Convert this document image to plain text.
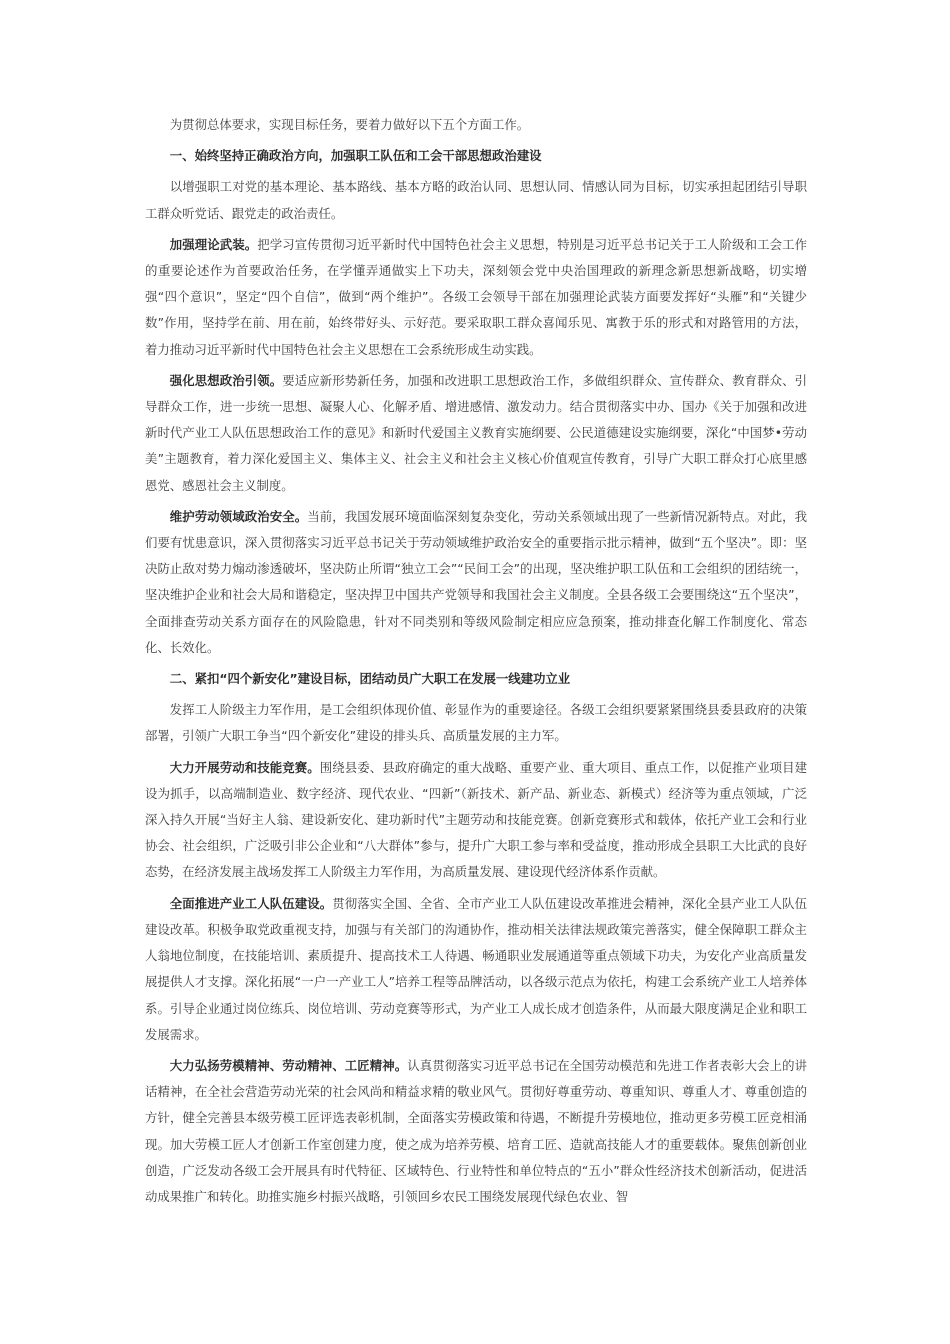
为贯彻总体要求，实现目标任务，要着力做好以下五个方面工作。

一、始终坚持正确政治方向，加强职工队伍和工会干部思想政治建设

以增强职工对党的基本理论、基本路线、基本方略的政治认同、思想认同、情感认同为目标，切实承担起团结引导职工群众听党话、跟党走的政治责任。

加强理论武装。把学习宣传贯彻习近平新时代中国特色社会主义思想，特别是习近平总书记关于工人阶级和工会工作的重要论述作为首要政治任务，在学懂弄通做实上下功夫，深刻领会党中央治国理政的新理念新思想新战略，切实增强“四个意识”，坚定“四个自信”，做到“两个维护”。各级工会领导干部在加强理论武装方面要发挥好“头雁”和“关键少数”作用，坚持学在前、用在前，始终带好头、示好范。要采取职工群众喜闻乐见、寓教于乐的形式和对路管用的方法，着力推动习近平新时代中国特色社会主义思想在工会系统形成生动实践。

强化思想政治引领。要适应新形势新任务，加强和改进职工思想政治工作，多做组织群众、宣传群众、教育群众、引导群众工作，进一步统一思想、凝聚人心、化解矛盾、增进感情、激发动力。结合贯彻落实中办、国办《关于加强和改进新时代产业工人队伍思想政治工作的意见》和新时代爱国主义教育实施纲要、公民道德建设实施纲要，深化“中国梦•劳动美”主题教育，着力深化爱国主义、集体主义、社会主义和社会主义核心价值观宣传教育，引导广大职工群众打心底里感恩党、感恩社会主义制度。

维护劳动领域政治安全。当前，我国发展环境面临深刻复杂变化，劳动关系领域出现了一些新情况新特点。对此，我们要有忧患意识，深入贯彻落实习近平总书记关于劳动领域维护政治安全的重要指示批示精神，做到“五个坚决”。即：坚决防止敌对势力煽动渗透破坏，坚决防止所谓“独立工会”“民间工会”的出现，坚决维护职工队伍和工会组织的团结统一，坚决维护企业和社会大局和谐稳定，坚决捍卫中国共产党领导和我国社会主义制度。全县各级工会要围绕这“五个坚决”，全面排查劳动关系方面存在的风险隐患，针对不同类别和等级风险制定相应应急预案，推动排查化解工作制度化、常态化、长效化。

二、紧扣“四个新安化”建设目标，团结动员广大职工在发展一线建功立业

发挥工人阶级主力军作用，是工会组织体现价值、彰显作为的重要途径。各级工会组织要紧紧围绕县委县政府的决策部署，引领广大职工争当“四个新安化”建设的排头兵、高质量发展的主力军。

大力开展劳动和技能竞赛。围绕县委、县政府确定的重大战略、重要产业、重大项目、重点工作，以促推产业项目建设为抓手，以高端制造业、数字经济、现代农业、“四新”（新技术、新产品、新业态、新模式）经济等为重点领域，广泛深入持久开展“当好主人翁、建设新安化、建功新时代”主题劳动和技能竞赛。创新竞赛形式和载体，依托产业工会和行业协会、社会组织，广泛吸引非公企业和“八大群体”参与，提升广大职工参与率和受益度，推动形成全县职工大比武的良好态势，在经济发展主战场发挥工人阶级主力军作用，为高质量发展、建设现代经济体系作贡献。

全面推进产业工人队伍建设。贯彻落实全国、全省、全市产业工人队伍建设改革推进会精神，深化全县产业工人队伍建设改革。积极争取党政重视支持，加强与有关部门的沟通协作，推动相关法律法规政策完善落实，健全保障职工群众主人翁地位制度，在技能培训、素质提升、提高技术工人待遇、畅通职业发展通道等重点领域下功夫，为安化产业高质量发展提供人才支撑。深化拓展“一户一产业工人”培养工程等品牌活动，以各级示范点为依托，构建工会系统产业工人培养体系。引导企业通过岗位练兵、岗位培训、劳动竞赛等形式，为产业工人成长成才创造条件，从而最大限度满足企业和职工发展需求。

大力弘扬劳模精神、劳动精神、工匠精神。认真贯彻落实习近平总书记在全国劳动模范和先进工作者表彰大会上的讲话精神，在全社会营造劳动光荣的社会风尚和精益求精的敬业风气。贯彻好尊重劳动、尊重知识、尊重人才、尊重创造的方针，健全完善县本级劳模工匠评选表彰机制，全面落实劳模政策和待遇，不断提升劳模地位，推动更多劳模工匠竞相涌现。加大劳模工匠人才创新工作室创建力度，使之成为培养劳模、培育工匠、造就高技能人才的重要载体。聚焦创新创业创造，广泛发动各级工会开展具有时代特征、区域特色、行业特性和单位特点的“五小”群众性经济技术创新活动，促进活动成果推广和转化。助推实施乡村振兴战略，引领回乡农民工围绕发展现代绿色农业、智
